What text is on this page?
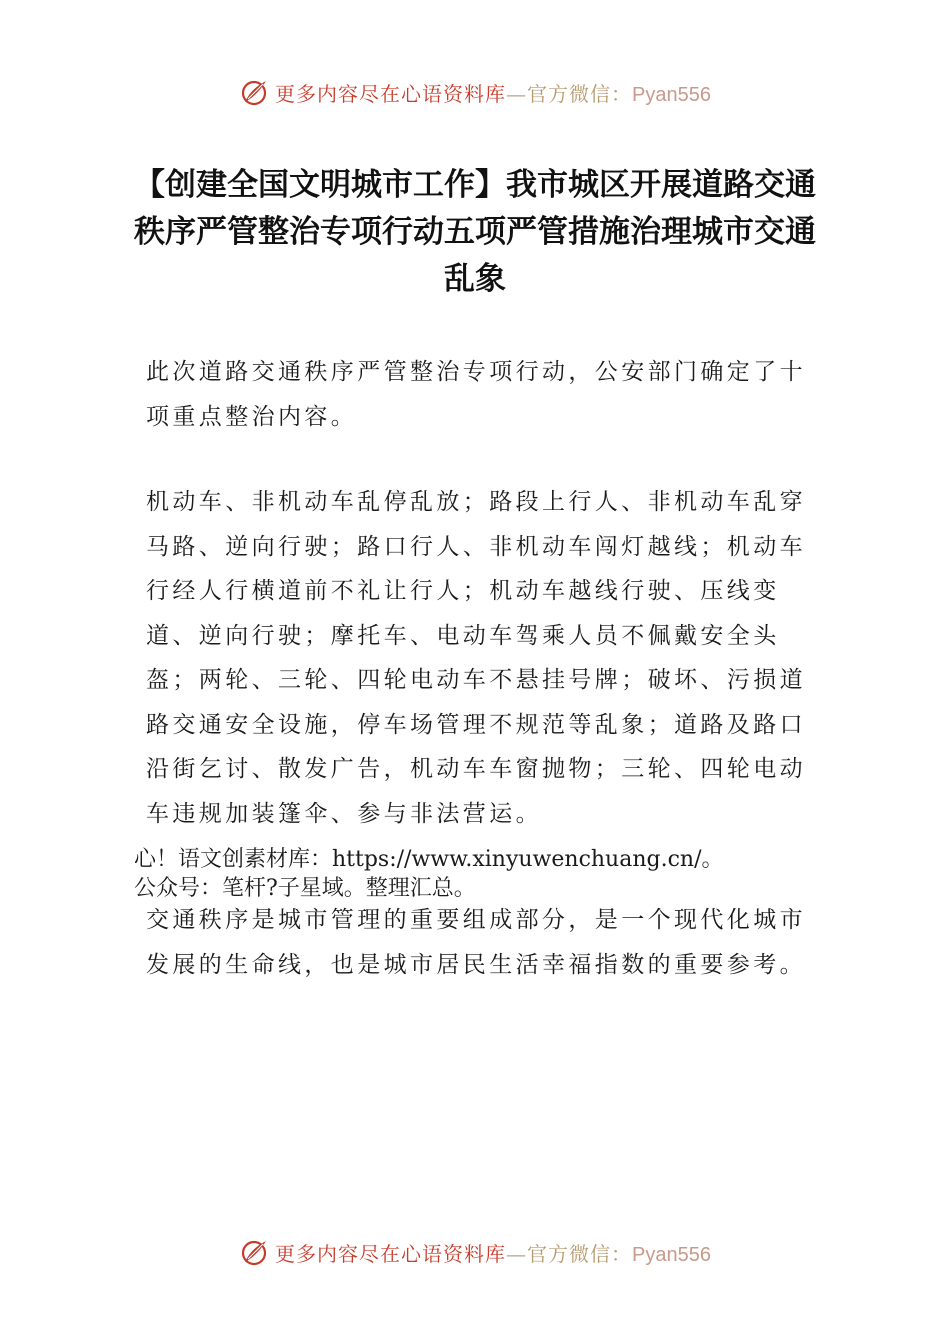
更多内容尽在心语资料库—官方微信：Pyan556
【创建全国文明城市工作】我市城区开展道路交通秩序严管整治专项行动五项严管措施治理城市交通乱象

此次道路交通秩序严管整治专项行动，公安部门确定了十项重点整治内容。

机动车、非机动车乱停乱放；路段上行人、非机动车乱穿马路、逆向行驶；路口行人、非机动车闯灯越线；机动车行经人行横道前不礼让行人；机动车越线行驶、压线变道、逆向行驶；摩托车、电动车驾乘人员不佩戴安全头盔；两轮、三轮、四轮电动车不悬挂号牌；破坏、污损道路交通安全设施，停车场管理不规范等乱象；道路及路口沿街乞讨、散发广告，机动车车窗抛物；三轮、四轮电动车违规加装篷伞、参与非法营运。

心！语文创素材库：https://www.xinyuwenchuang.cn/。
公众号：笔杆?子星域。整理汇总。

交通秩序是城市管理的重要组成部分，是一个现代化城市发展的生命线，也是城市居民生活幸福指数的重要参考。

更多内容尽在心语资料库—官方微信：Pyan556
